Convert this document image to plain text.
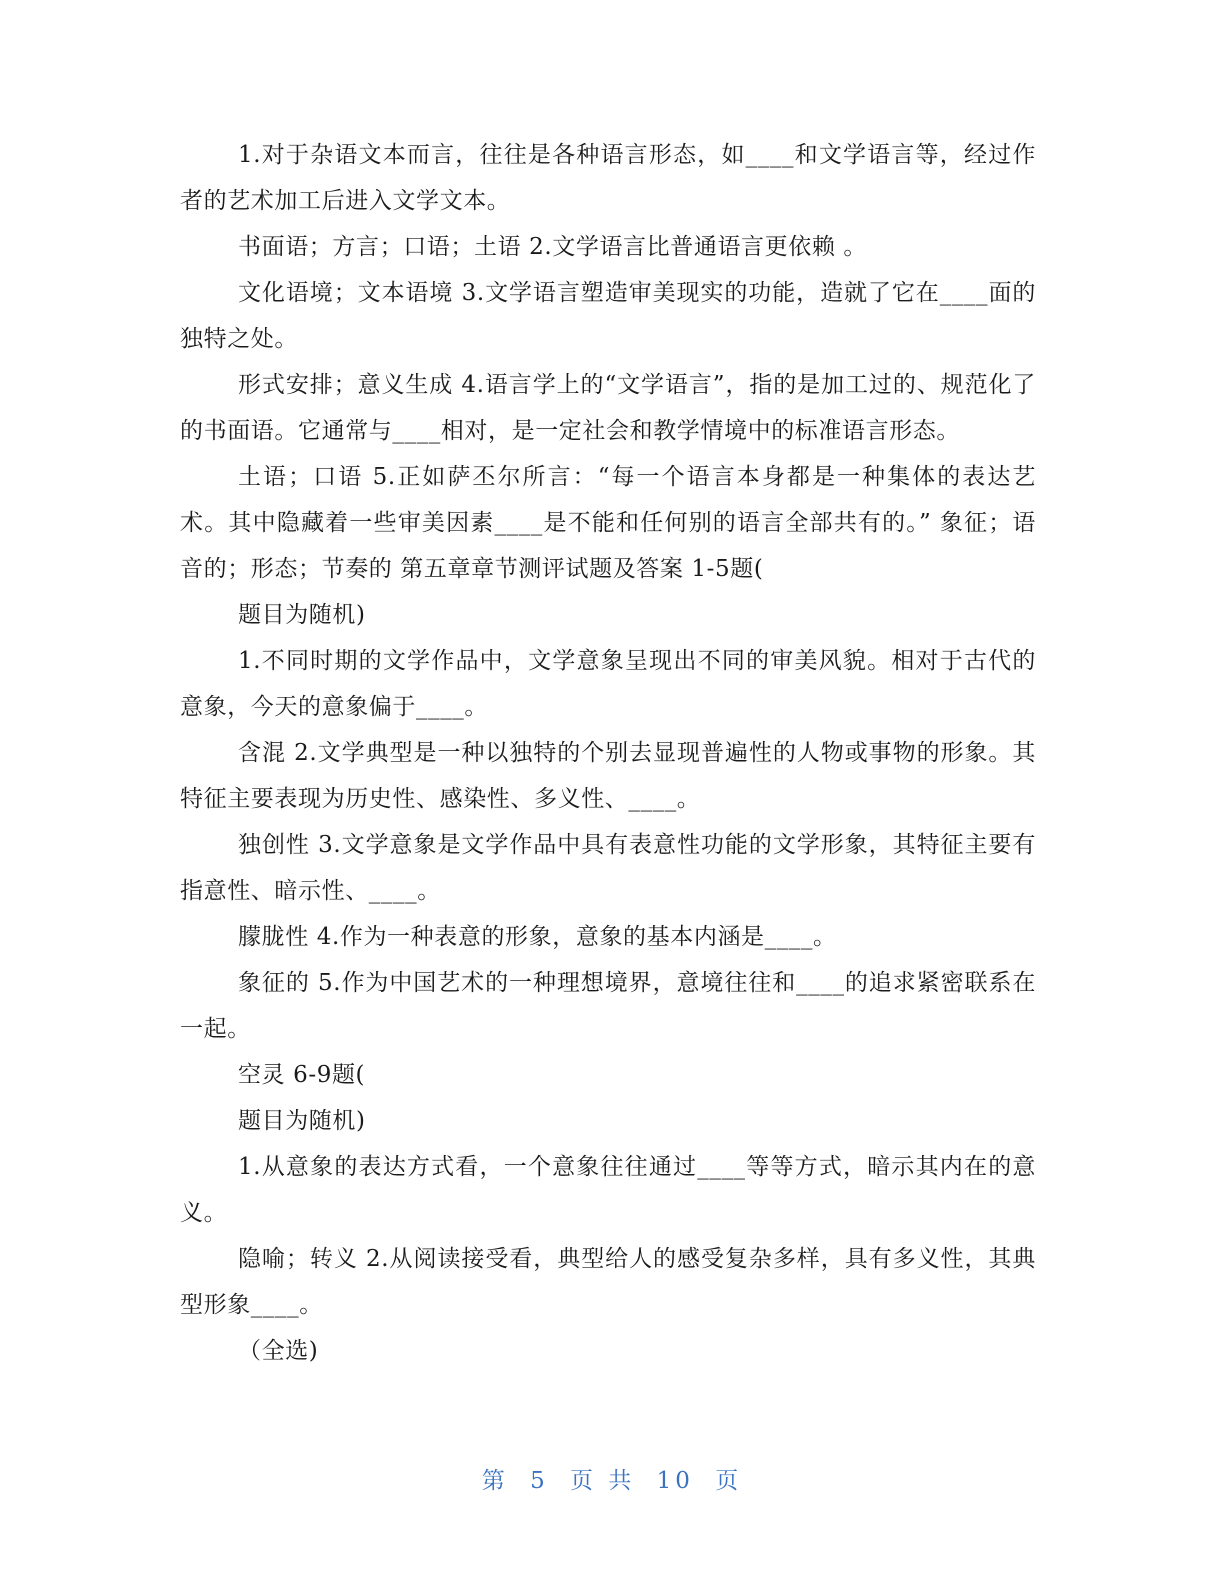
1.对于杂语文本而言，往往是各种语言形态，如____和文学语言等，经过作者的艺术加工后进入文学文本。

书面语；方言；口语；土语 2.文学语言比普通语言更依赖 。

文化语境；文本语境 3.文学语言塑造审美现实的功能，造就了它在____面的独特之处。

形式安排；意义生成 4.语言学上的“文学语言”，指的是加工过的、规范化了的书面语。它通常与____相对，是一定社会和教学情境中的标准语言形态。

土语；口语 5.正如萨丕尔所言：“每一个语言本身都是一种集体的表达艺术。其中隐藏着一些审美因素____是不能和任何别的语言全部共有的。” 象征；语音的；形态；节奏的 第五章章节测评试题及答案 1-5题(

题目为随机)

1.不同时期的文学作品中，文学意象呈现出不同的审美风貌。相对于古代的意象，今天的意象偏于____。

含混 2.文学典型是一种以独特的个别去显现普遍性的人物或事物的形象。其特征主要表现为历史性、感染性、多义性、____。

独创性 3.文学意象是文学作品中具有表意性功能的文学形象，其特征主要有指意性、暗示性、____。

朦胧性 4.作为一种表意的形象，意象的基本内涵是____。

象征的 5.作为中国艺术的一种理想境界，意境往往和____的追求紧密联系在一起。

空灵 6-9题(

题目为随机)

1.从意象的表达方式看，一个意象往往通过____等等方式，暗示其内在的意义。

隐喻；转义 2.从阅读接受看，典型给人的感受复杂多样，具有多义性，其典型形象____。

（全选)

第 5 页 共 10 页
